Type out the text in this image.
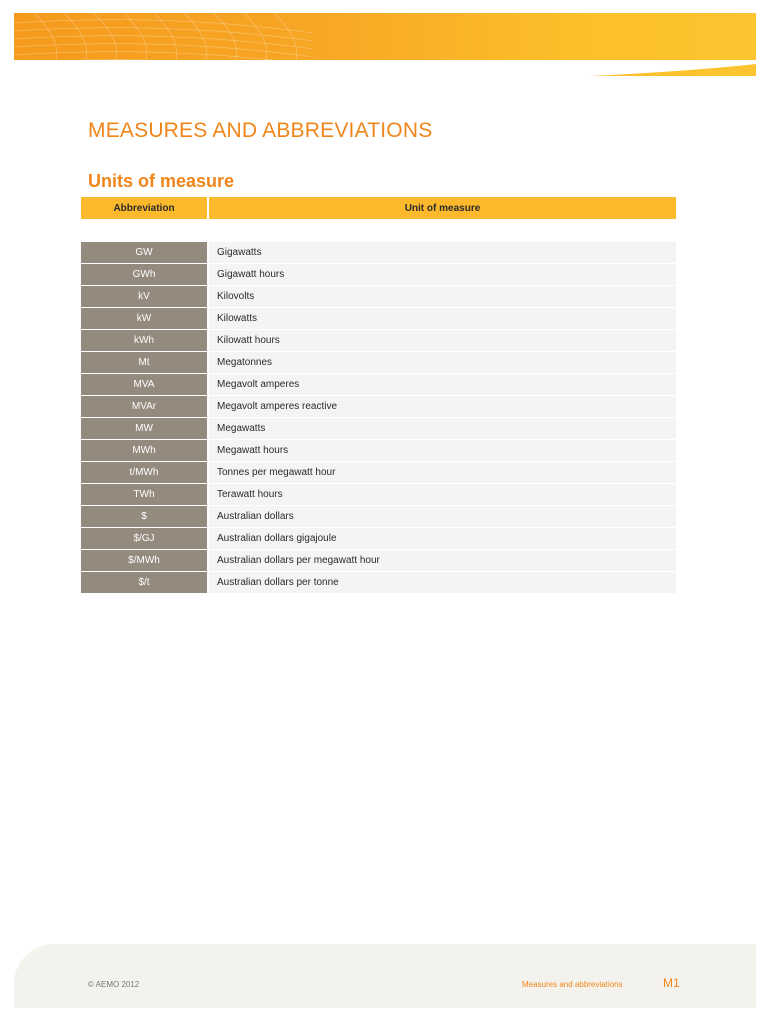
MEASURES AND ABBREVIATIONS
Units of measure
Abbreviation	Unit of measure

GW	Gigawatts
GWh	Gigawatt hours
kV	Kilovolts
kW	Kilowatts
kWh	Kilowatt hours
Mt	Megatonnes
MVA	Megavolt amperes
MVAr	Megavolt amperes reactive
MW	Megawatts
MWh	Megawatt hours
t/MWh	Tonnes per megawatt hour
TWh	Terawatt hours
$	Australian dollars
$/GJ	Australian dollars gigajoule
$/MWh	Australian dollars per megawatt hour
$/t	Australian dollars per tonne
© AEMO 2012	Measures and abbreviations	M1
